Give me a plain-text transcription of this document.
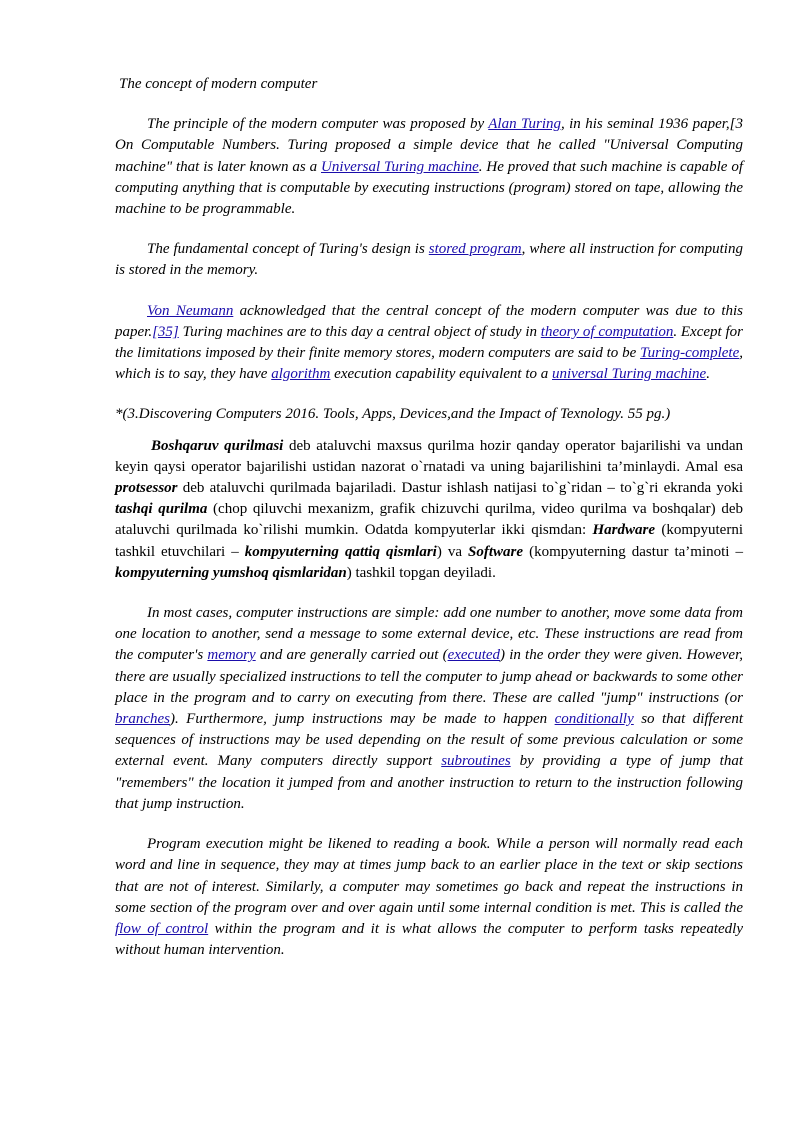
The concept of modern computer

The principle of the modern computer was proposed by Alan Turing, in his seminal 1936 paper,[3 On Computable Numbers. Turing proposed a simple device that he called "Universal Computing machine" that is later known as a Universal Turing machine. He proved that such machine is capable of computing anything that is computable by executing instructions (program) stored on tape, allowing the machine to be programmable.

The fundamental concept of Turing's design is stored program, where all instruction for computing is stored in the memory.

Von Neumann acknowledged that the central concept of the modern computer was due to this paper.[35] Turing machines are to this day a central object of study in theory of computation. Except for the limitations imposed by their finite memory stores, modern computers are said to be Turing-complete, which is to say, they have algorithm execution capability equivalent to a universal Turing machine.

*(3.Discovering Computers 2016. Tools, Apps, Devices,and the Impact of Texnology. 55 pg.)

Boshqaruv qurilmasi deb ataluvchi maxsus qurilma hozir qanday operator bajarilishi va undan keyin qaysi operator bajarilishi ustidan nazorat o`rnatadi va uning bajarilishini ta’minlaydi. Amal esa protsessor deb ataluvchi qurilmada bajariladi. Dastur ishlash natijasi to`g`ridan – to`g`ri ekranda yoki tashqi qurilma (chop qiluvchi mexanizm, grafik chizuvchi qurilma, video qurilma va boshqalar) deb ataluvchi qurilmada ko`rilishi mumkin. Odatda kompyuterlar ikki qismdan: Hardware (kompyuterni tashkil etuvchilari – kompyuterning qattiq qismlari) va Software (kompyuterning dastur ta’minoti – kompyuterning yumshoq qismlaridan) tashkil topgan deyiladi.

In most cases, computer instructions are simple: add one number to another, move some data from one location to another, send a message to some external device, etc. These instructions are read from the computer's memory and are generally carried out (executed) in the order they were given. However, there are usually specialized instructions to tell the computer to jump ahead or backwards to some other place in the program and to carry on executing from there. These are called "jump" instructions (or branches). Furthermore, jump instructions may be made to happen conditionally so that different sequences of instructions may be used depending on the result of some previous calculation or some external event. Many computers directly support subroutines by providing a type of jump that "remembers" the location it jumped from and another instruction to return to the instruction following that jump instruction.

Program execution might be likened to reading a book. While a person will normally read each word and line in sequence, they may at times jump back to an earlier place in the text or skip sections that are not of interest. Similarly, a computer may sometimes go back and repeat the instructions in some section of the program over and over again until some internal condition is met. This is called the flow of control within the program and it is what allows the computer to perform tasks repeatedly without human intervention.
